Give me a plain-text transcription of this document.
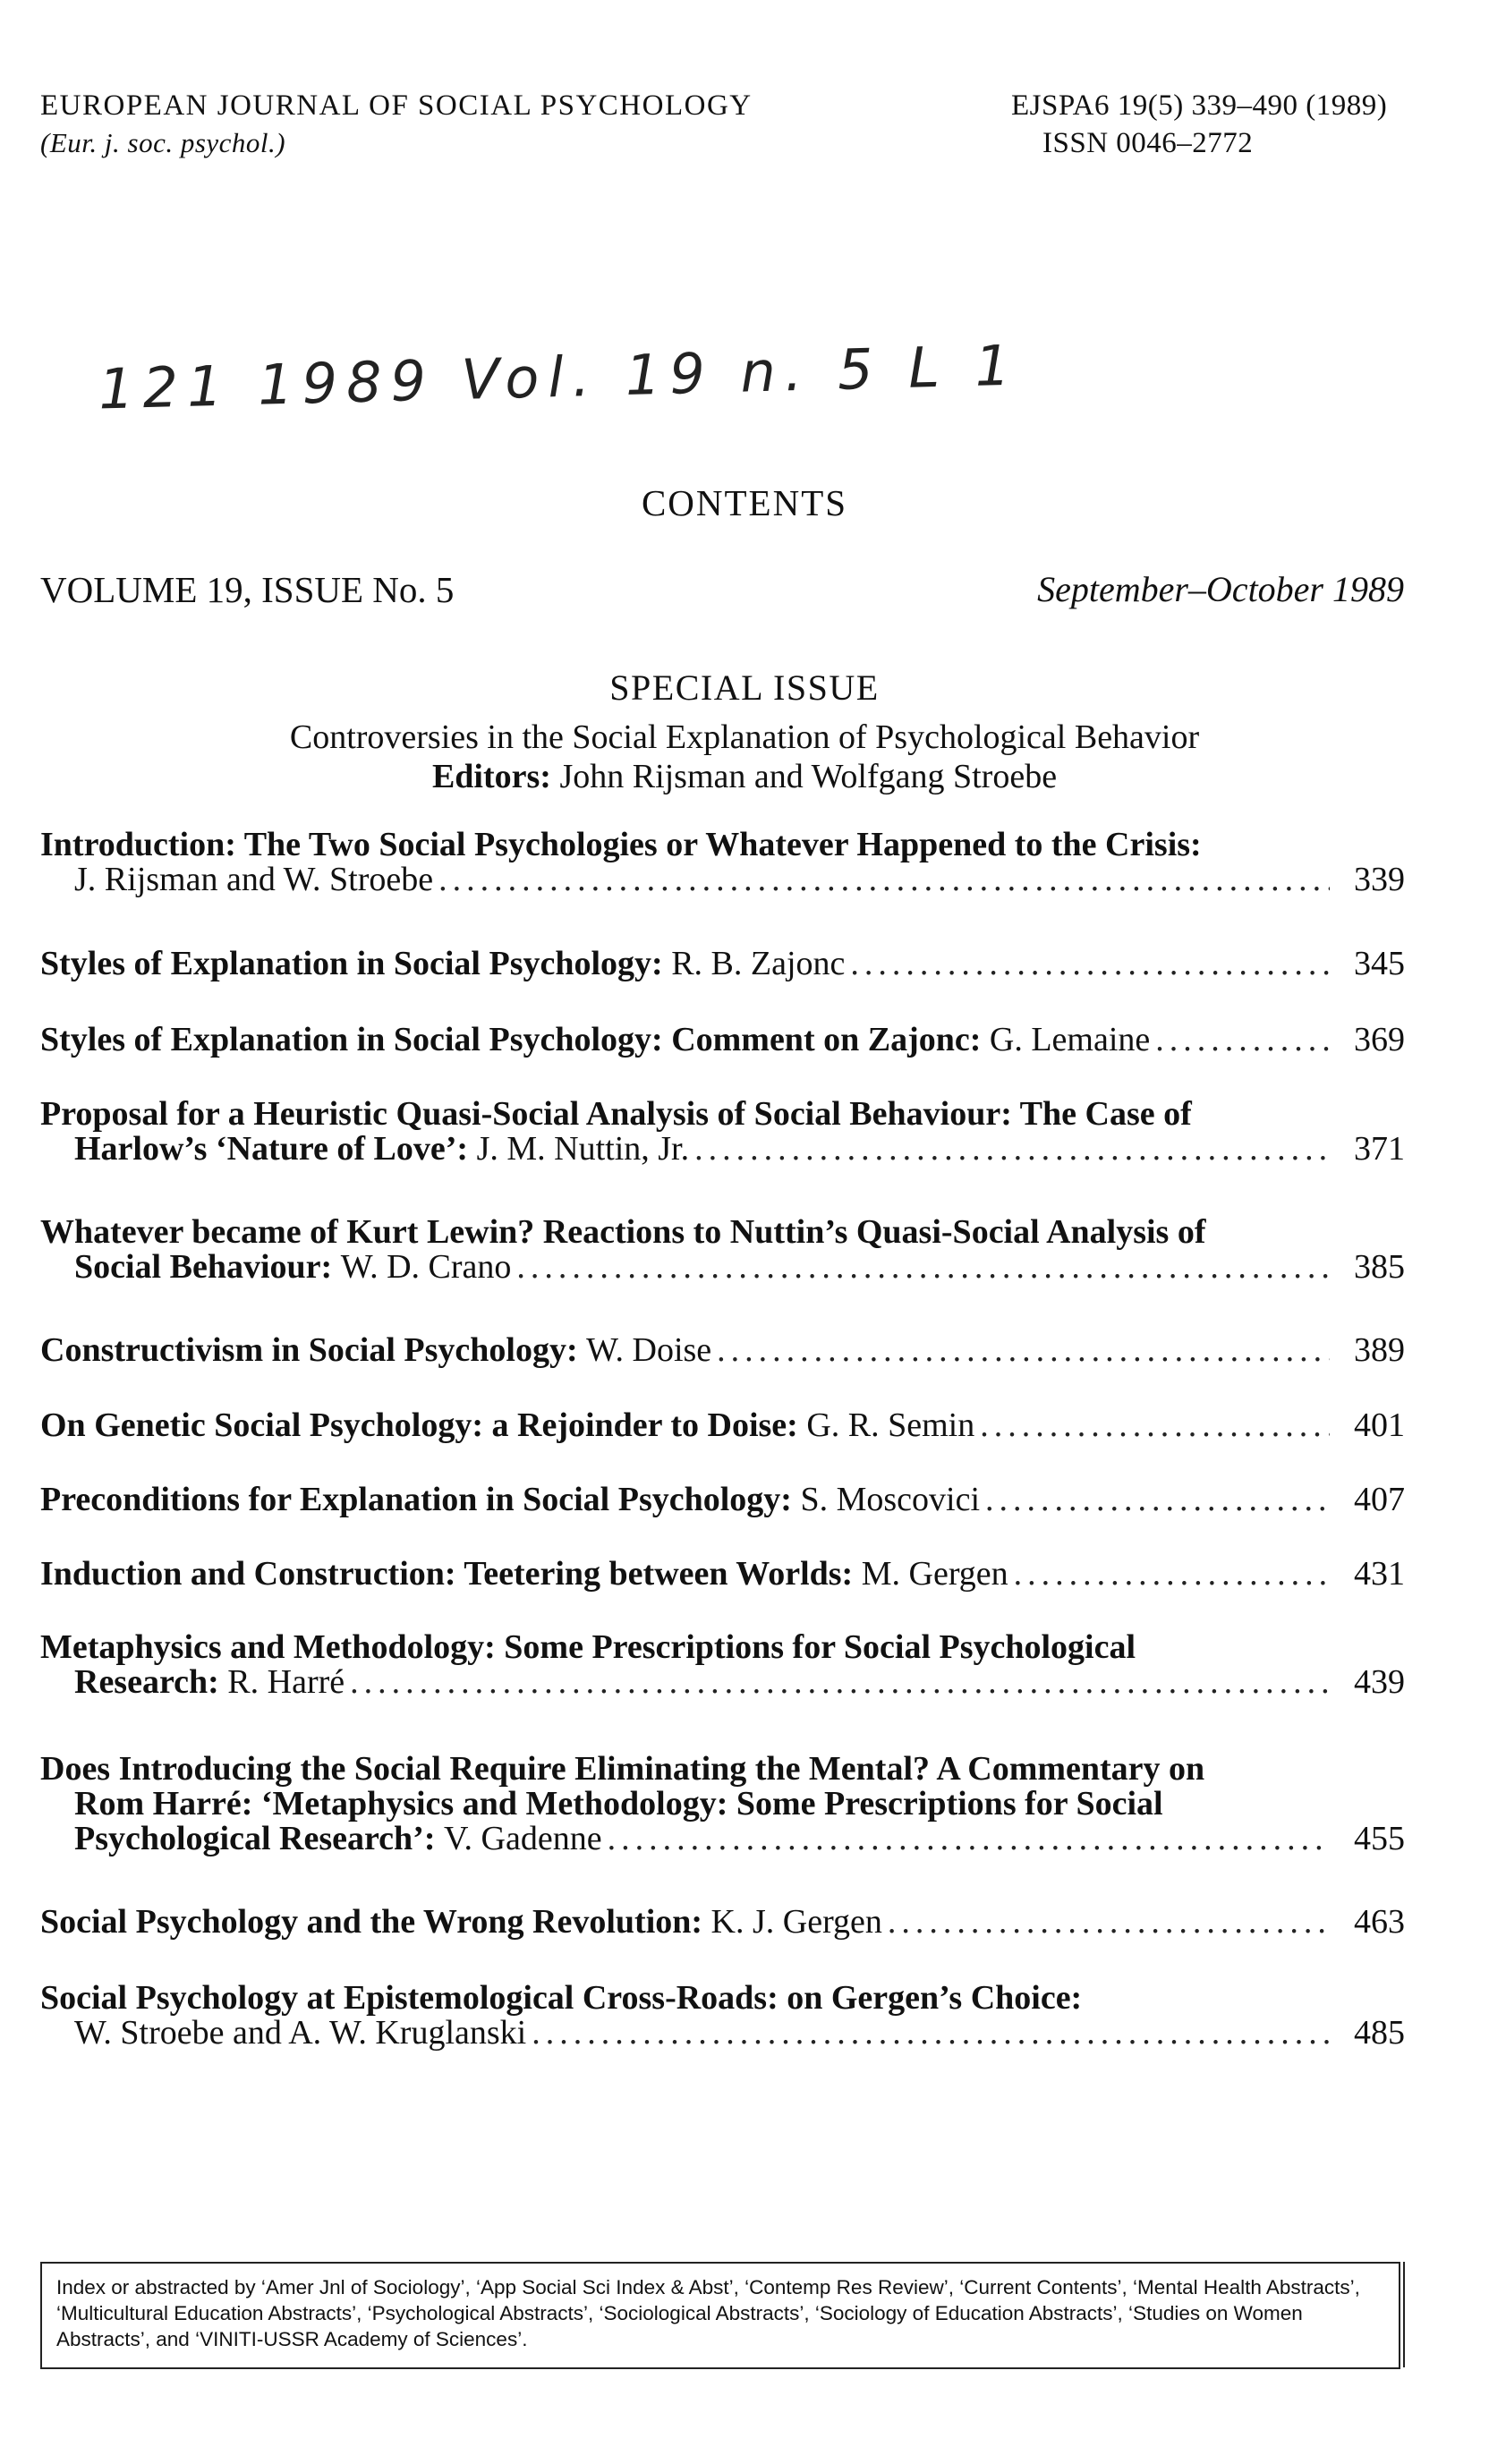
EUROPEAN JOURNAL OF SOCIAL PSYCHOLOGY
(Eur. j. soc. psychol.)
EJSPA6 19(5) 339–490 (1989)
ISSN 0046–2772
121 1989 Vol. 19 n. 5 L 1
CONTENTS
VOLUME 19, ISSUE No. 5	September–October 1989
SPECIAL ISSUE
Controversies in the Social Explanation of Psychological Behavior
Editors: John Rijsman and Wolfgang Stroebe
Introduction: The Two Social Psychologies or Whatever Happened to the Crisis:
J. Rijsman and W. Stroebe .....	339
Styles of Explanation in Social Psychology:
R. B. Zajonc .....	345
Styles of Explanation in Social Psychology: Comment on Zajonc:
G. Lemaine .....	369
Proposal for a Heuristic Quasi-Social Analysis of Social Behaviour: The Case of
Harlow’s ‘Nature of Love’:
J. M. Nuttin, Jr. .....	371
Whatever became of Kurt Lewin? Reactions to Nuttin’s Quasi-Social Analysis of
Social Behaviour:
W. D. Crano .....	385
Constructivism in Social Psychology:
W. Doise .....	389
On Genetic Social Psychology: a Rejoinder to Doise:
G. R. Semin .....	401
Preconditions for Explanation in Social Psychology:
S. Moscovici .....	407
Induction and Construction: Teetering between Worlds:
M. Gergen .....	431
Metaphysics and Methodology: Some Prescriptions for Social Psychological
Research:
R. Harré .....	439
Does Introducing the Social Require Eliminating the Mental? A Commentary on
Rom Harré: ‘Metaphysics and Methodology: Some Prescriptions for Social
Psychological Research’:
V. Gadenne .....	455
Social Psychology and the Wrong Revolution:
K. J. Gergen .....	463
Social Psychology at Epistemological Cross-Roads: on Gergen’s Choice:
W. Stroebe and A. W. Kruglanski .....	485
Index or abstracted by ‘Amer Jnl of Sociology’, ‘App Social Sci Index & Abst’, ‘Contemp Res Review’, ‘Current Contents’, ‘Mental Health Abstracts’, ‘Multicultural Education Abstracts’, ‘Psychological Abstracts’, ‘Sociological Abstracts’, ‘Sociology of Education Abstracts’, ‘Studies on Women Abstracts’, and ‘VINITI-USSR Academy of Sciences’.
